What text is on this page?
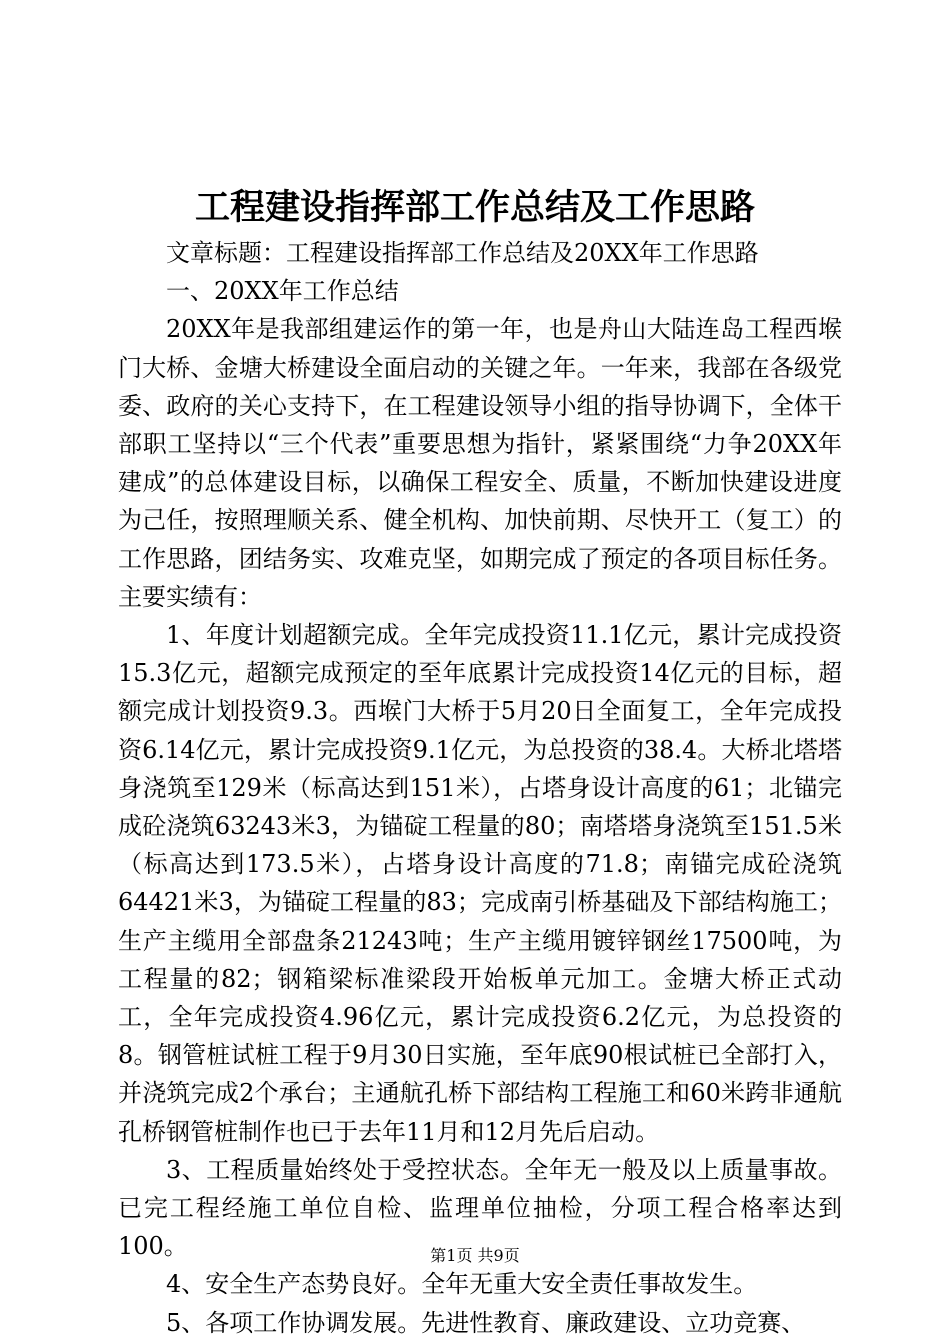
工程建设指挥部工作总结及工作思路

文章标题：工程建设指挥部工作总结及20XX年工作思路

一、20XX年工作总结

20XX年是我部组建运作的第一年，也是舟山大陆连岛工程西堠门大桥、金塘大桥建设全面启动的关键之年。一年来，我部在各级党委、政府的关心支持下，在工程建设领导小组的指导协调下，全体干部职工坚持以“三个代表”重要思想为指针，紧紧围绕“力争20XX年建成”的总体建设目标，以确保工程安全、质量，不断加快建设进度为己任，按照理顺关系、健全机构、加快前期、尽快开工（复工）的工作思路，团结务实、攻难克坚，如期完成了预定的各项目标任务。主要实绩有：

1、年度计划超额完成。全年完成投资11.1亿元，累计完成投资15.3亿元，超额完成预定的至年底累计完成投资14亿元的目标，超额完成计划投资9.3。西堠门大桥于5月20日全面复工，全年完成投资6.14亿元，累计完成投资9.1亿元，为总投资的38.4。大桥北塔塔身浇筑至129米（标高达到151米），占塔身设计高度的61；北锚完成砼浇筑63243米3，为锚碇工程量的80；南塔塔身浇筑至151.5米（标高达到173.5米），占塔身设计高度的71.8；南锚完成砼浇筑64421米3，为锚碇工程量的83；完成南引桥基础及下部结构施工；生产主缆用全部盘条21243吨；生产主缆用镀锌钢丝17500吨，为工程量的82；钢箱梁标准梁段开始板单元加工。金塘大桥正式动工，全年完成投资4.96亿元，累计完成投资6.2亿元，为总投资的8。钢管桩试桩工程于9月30日实施，至年底90根试桩已全部打入，并浇筑完成2个承台；主通航孔桥下部结构工程施工和60米跨非通航孔桥钢管桩制作也已于去年11月和12月先后启动。

3、工程质量始终处于受控状态。全年无一般及以上质量事故。已完工程经施工单位自检、监理单位抽检，分项工程合格率达到100。

4、安全生产态势良好。全年无重大安全责任事故发生。

5、各项工作协调发展。先进性教育、廉政建设、立功竞赛、

第1页 共9页
